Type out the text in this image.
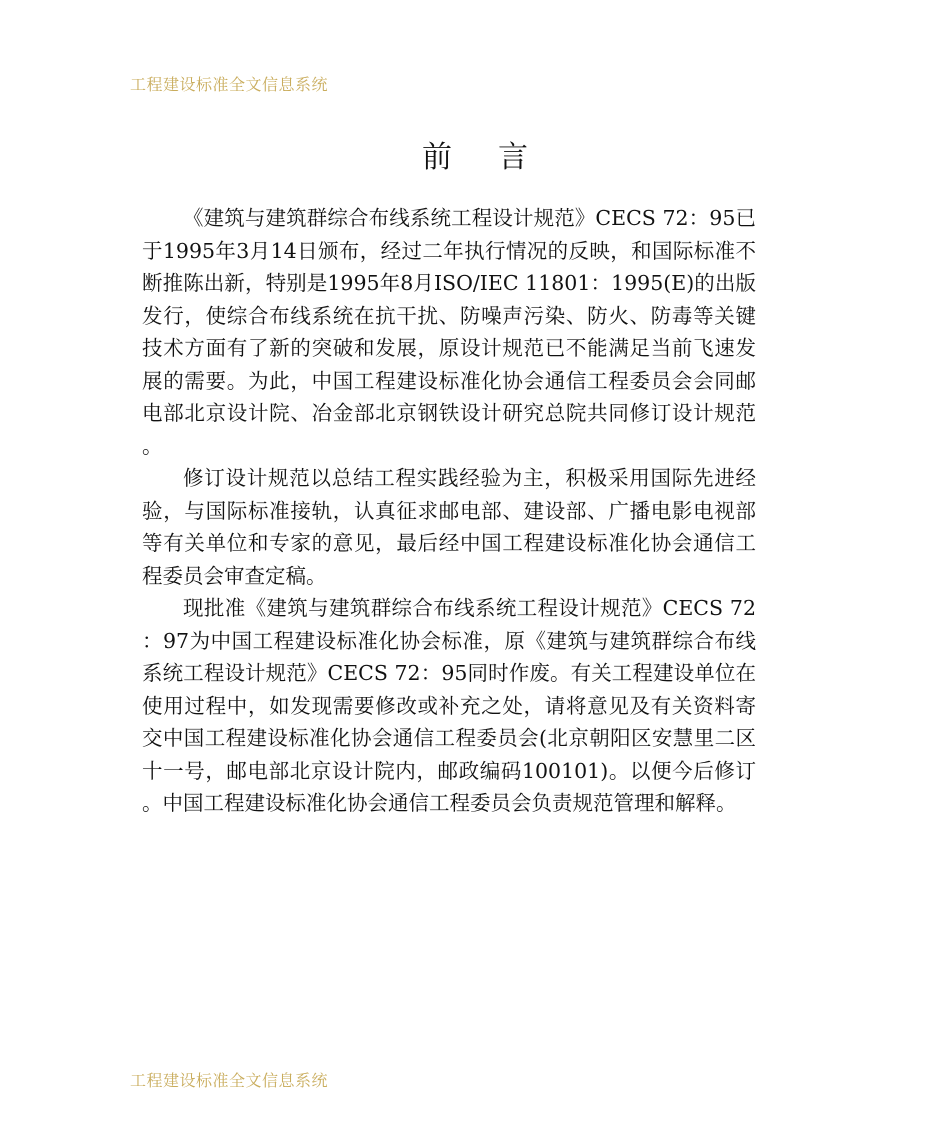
工程建设标准全文信息系统
前言

《建筑与建筑群综合布线系统工程设计规范》CECS 72：95已于1995年3月14日颁布，经过二年执行情况的反映，和国际标准不断推陈出新，特别是1995年8月ISO/IEC 11801：1995(E)的出版发行，使综合布线系统在抗干扰、防噪声污染、防火、防毒等关键技术方面有了新的突破和发展，原设计规范已不能满足当前飞速发展的需要。为此，中国工程建设标准化协会通信工程委员会会同邮电部北京设计院、冶金部北京钢铁设计研究总院共同修订设计规范。

修订设计规范以总结工程实践经验为主，积极采用国际先进经验，与国际标准接轨，认真征求邮电部、建设部、广播电影电视部等有关单位和专家的意见，最后经中国工程建设标准化协会通信工程委员会审查定稿。

现批准《建筑与建筑群综合布线系统工程设计规范》CECS 72：97为中国工程建设标准化协会标准，原《建筑与建筑群综合布线系统工程设计规范》CECS 72：95同时作废。有关工程建设单位在使用过程中，如发现需要修改或补充之处，请将意见及有关资料寄交中国工程建设标准化协会通信工程委员会(北京朝阳区安慧里二区十一号，邮电部北京设计院内，邮政编码100101)。以便今后修订。中国工程建设标准化协会通信工程委员会负责规范管理和解释。

工程建设标准全文信息系统
